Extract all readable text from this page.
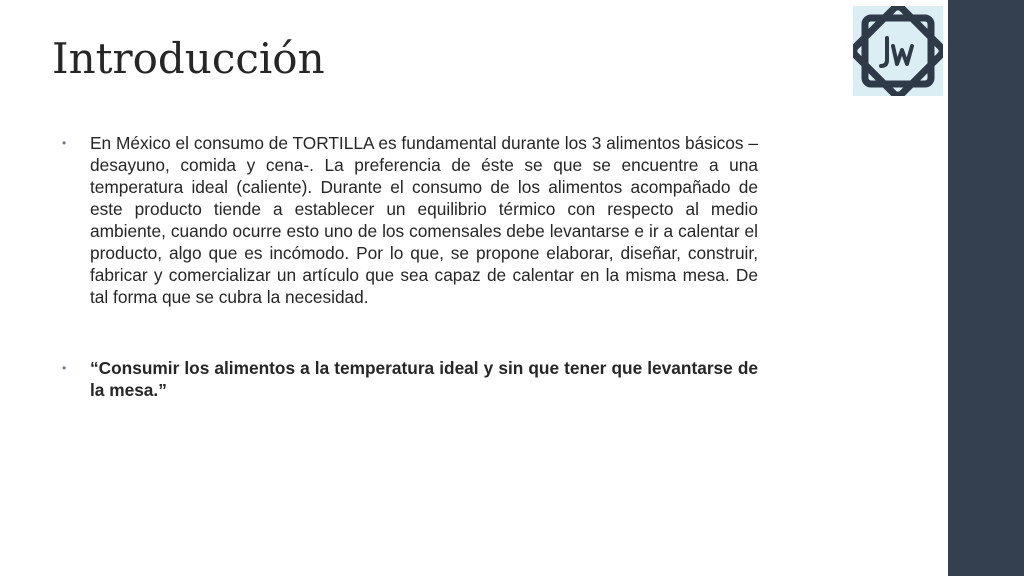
Introducción
• En México el consumo de TORTILLA es fundamental durante los 3 alimentos básicos –desayuno, comida y cena-. La preferencia de éste se que se encuentre a una temperatura ideal (caliente). Durante el consumo de los alimentos acompañado de este producto tiende a establecer un equilibrio térmico con respecto al medio ambiente, cuando ocurre esto uno de los comensales debe levantarse e ir a calentar el producto, algo que es incómodo. Por lo que, se propone elaborar, diseñar, construir, fabricar y comercializar un artículo que sea capaz de calentar en la misma mesa. De tal forma que se cubra la necesidad.
• “Consumir los alimentos a la temperatura ideal y sin que tener que levantarse de la mesa.”
